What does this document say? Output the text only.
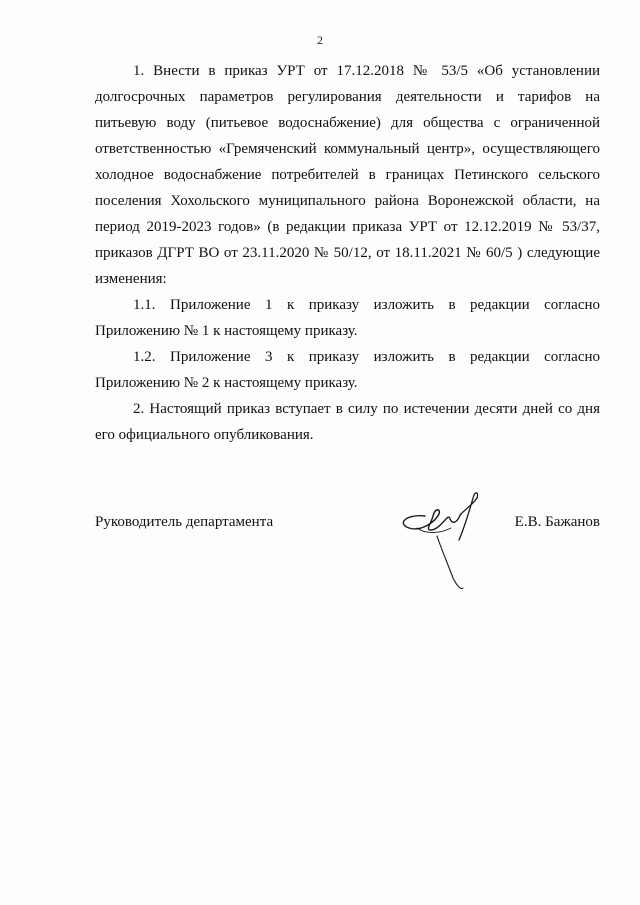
2

1. Внести в приказ УРТ от 17.12.2018 № 53/5 «Об установлении долгосрочных параметров регулирования деятельности и тарифов на питьевую воду (питьевое водоснабжение) для общества с ограниченной ответственностью «Гремяченский коммунальный центр», осуществляющего холодное водоснабжение потребителей в границах Петинского сельского поселения Хохольского муниципального района Воронежской области, на период 2019-2023 годов» (в редакции приказа УРТ от 12.12.2019 № 53/37, приказов ДГРТ ВО от 23.11.2020 № 50/12, от 18.11.2021 № 60/5 ) следующие изменения:

1.1. Приложение 1 к приказу изложить в редакции согласно Приложению № 1 к настоящему приказу.

1.2. Приложение 3 к приказу изложить в редакции согласно Приложению № 2 к настоящему приказу.

2. Настоящий приказ вступает в силу по истечении десяти дней со дня его официального опубликования.

Руководитель департамента	Е.В. Бажанов
